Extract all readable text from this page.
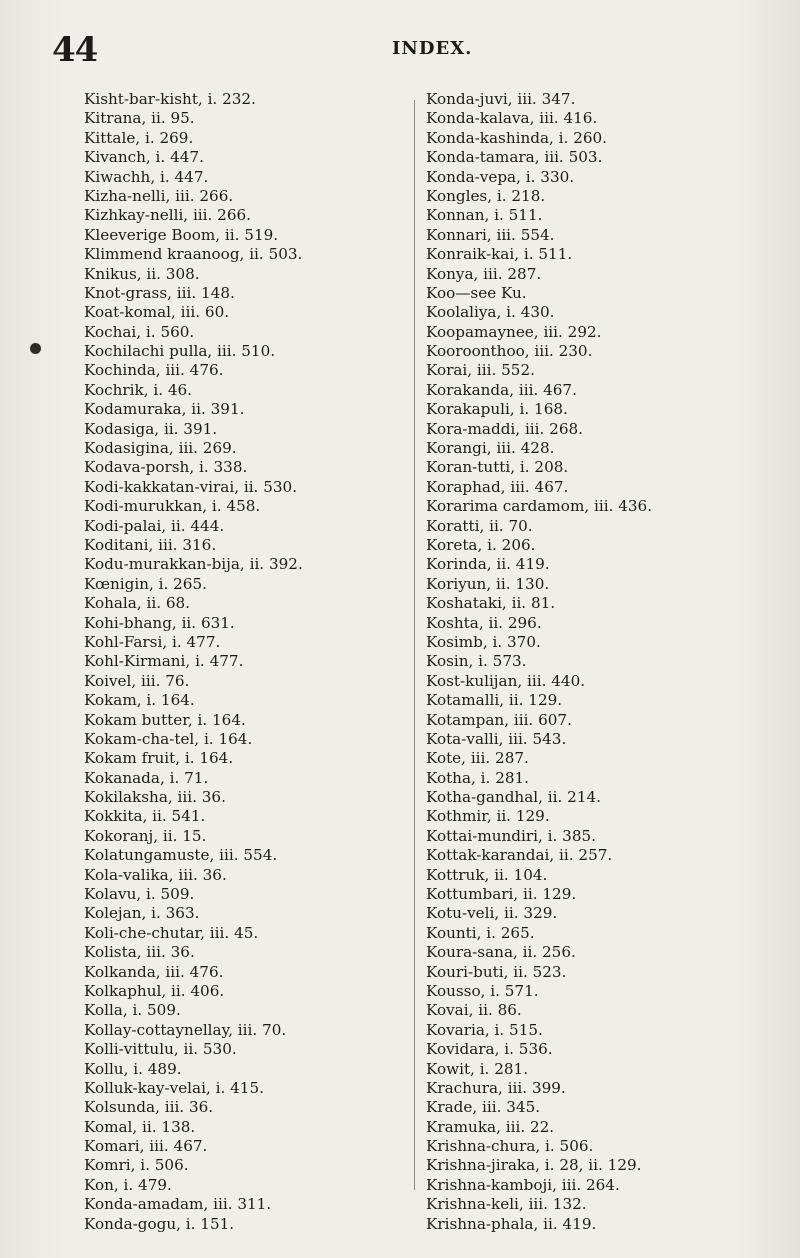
44	INDEX.
Kisht-bar-kisht, i. 232.
Kitrana, ii. 95.
Kittale, i. 269.
Kivanch, i. 447.
Kiwachh, i. 447.
Kizha-nelli, iii. 266.
Kizhkay-nelli, iii. 266.
Kleeverige Boom, ii. 519.
Klimmend kraanoog, ii. 503.
Knikus, ii. 308.
Knot-grass, iii. 148.
Koat-komal, iii. 60.
Kochai, i. 560.
Kochilachi pulla, iii. 510.
Kochinda, iii. 476.
Kochrik, i. 46.
Kodamuraka, ii. 391.
Kodasiga, ii. 391.
Kodasigina, iii. 269.
Kodava-porsh, i. 338.
Kodi-kakkatan-virai, ii. 530.
Kodi-murukkan, i. 458.
Kodi-palai, ii. 444.
Koditani, iii. 316.
Kodu-murakkan-bija, ii. 392.
Kœnigin, i. 265.
Kohala, ii. 68.
Kohi-bhang, ii. 631.
Kohl-Farsi, i. 477.
Kohl-Kirmani, i. 477.
Koivel, iii. 76.
Kokam, i. 164.
Kokam butter, i. 164.
Kokam-cha-tel, i. 164.
Kokam fruit, i. 164.
Kokanada, i. 71.
Kokilaksha, iii. 36.
Kokkita, ii. 541.
Kokoranj, ii. 15.
Kolatungamuste, iii. 554.
Kola-valika, iii. 36.
Kolavu, i. 509.
Kolejan, i. 363.
Koli-che-chutar, iii. 45.
Kolista, iii. 36.
Kolkanda, iii. 476.
Kolkaphul, ii. 406.
Kolla, i. 509.
Kollay-cottaynellay, iii. 70.
Kolli-vittulu, ii. 530.
Kollu, i. 489.
Kolluk-kay-velai, i. 415.
Kolsunda, iii. 36.
Komal, ii. 138.
Komari, iii. 467.
Komri, i. 506.
Kon, i. 479.
Konda-amadam, iii. 311.
Konda-gogu, i. 151.
Konda-juvi, iii. 347.
Konda-kalava, iii. 416.
Konda-kashinda, i. 260.
Konda-tamara, iii. 503.
Konda-vepa, i. 330.
Kongles, i. 218.
Konnan, i. 511.
Konnari, iii. 554.
Konraik-kai, i. 511.
Konya, iii. 287.
Koo—see Ku.
Koolaliya, i. 430.
Koopamaynee, iii. 292.
Kooroonthoo, iii. 230.
Korai, iii. 552.
Korakanda, iii. 467.
Korakapuli, i. 168.
Kora-maddi, iii. 268.
Korangi, iii. 428.
Koran-tutti, i. 208.
Koraphad, iii. 467.
Korarima cardamom, iii. 436.
Koratti, ii. 70.
Koreta, i. 206.
Korinda, ii. 419.
Koriyun, ii. 130.
Koshataki, ii. 81.
Koshta, ii. 296.
Kosimb, i. 370.
Kosin, i. 573.
Kost-kulijan, iii. 440.
Kotamalli, ii. 129.
Kotampan, iii. 607.
Kota-valli, iii. 543.
Kote, iii. 287.
Kotha, i. 281.
Kotha-gandhal, ii. 214.
Kothmir, ii. 129.
Kottai-mundiri, i. 385.
Kottak-karandai, ii. 257.
Kottruk, ii. 104.
Kottumbari, ii. 129.
Kotu-veli, ii. 329.
Kounti, i. 265.
Koura-sana, ii. 256.
Kouri-buti, ii. 523.
Kousso, i. 571.
Kovai, ii. 86.
Kovaria, i. 515.
Kovidara, i. 536.
Kowit, i. 281.
Krachura, iii. 399.
Krade, iii. 345.
Kramuka, iii. 22.
Krishna-chura, i. 506.
Krishna-jiraka, i. 28, ii. 129.
Krishna-kamboji, iii. 264.
Krishna-keli, iii. 132.
Krishna-phala, ii. 419.
